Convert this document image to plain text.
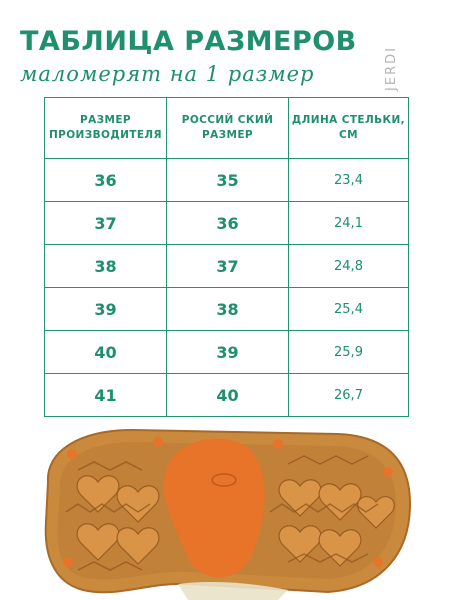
ТАБЛИЦА РАЗМЕРОВ
маломерят на 1 размер	JERDI
РАЗМЕР ПРОИЗВОДИТЕЛЯ	РОССИЙ СКИЙ РАЗМЕР	ДЛИНА СТЕЛЬКИ, СМ
36	35	23,4
37	36	24,1
38	37	24,8
39	38	25,4
40	39	25,9
41	40	26,7
